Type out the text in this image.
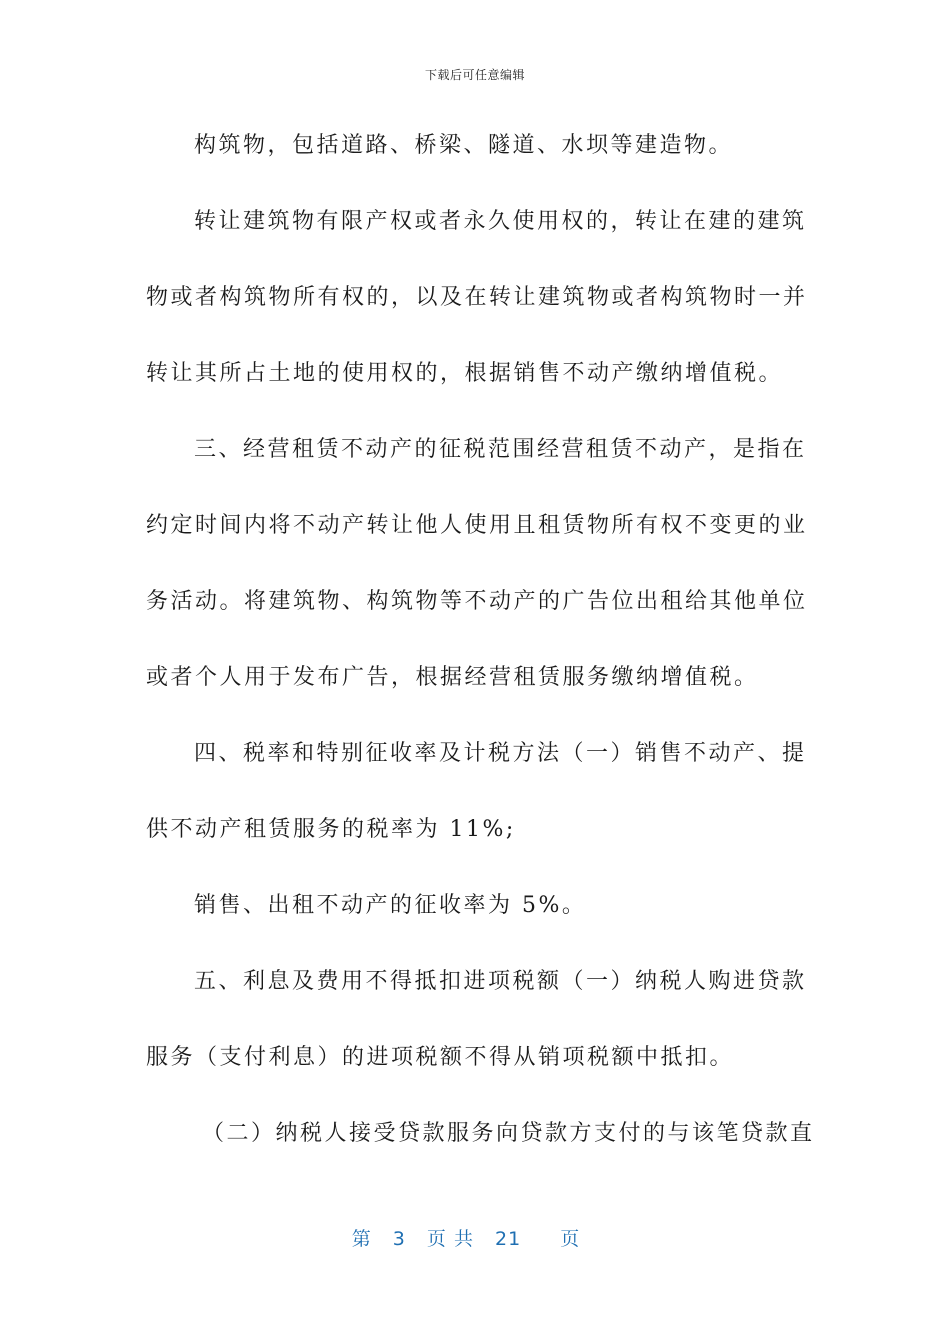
下载后可任意编辑
构筑物，包括道路、桥梁、隧道、水坝等建造物。
转让建筑物有限产权或者永久使用权的，转让在建的建筑
物或者构筑物所有权的，以及在转让建筑物或者构筑物时一并
转让其所占土地的使用权的，根据销售不动产缴纳增值税。
三、经营租赁不动产的征税范围经营租赁不动产，是指在
约定时间内将不动产转让他人使用且租赁物所有权不变更的业
务活动。将建筑物、构筑物等不动产的广告位出租给其他单位
或者个人用于发布广告，根据经营租赁服务缴纳增值税。
四、税率和特别征收率及计税方法（一）销售不动产、提
供不动产租赁服务的税率为 11%;
销售、出租不动产的征收率为 5%。
五、利息及费用不得抵扣进项税额（一）纳税人购进贷款
服务（支付利息）的进项税额不得从销项税额中抵扣。
（二）纳税人接受贷款服务向贷款方支付的与该笔贷款直
第 3 页 共 21 页
